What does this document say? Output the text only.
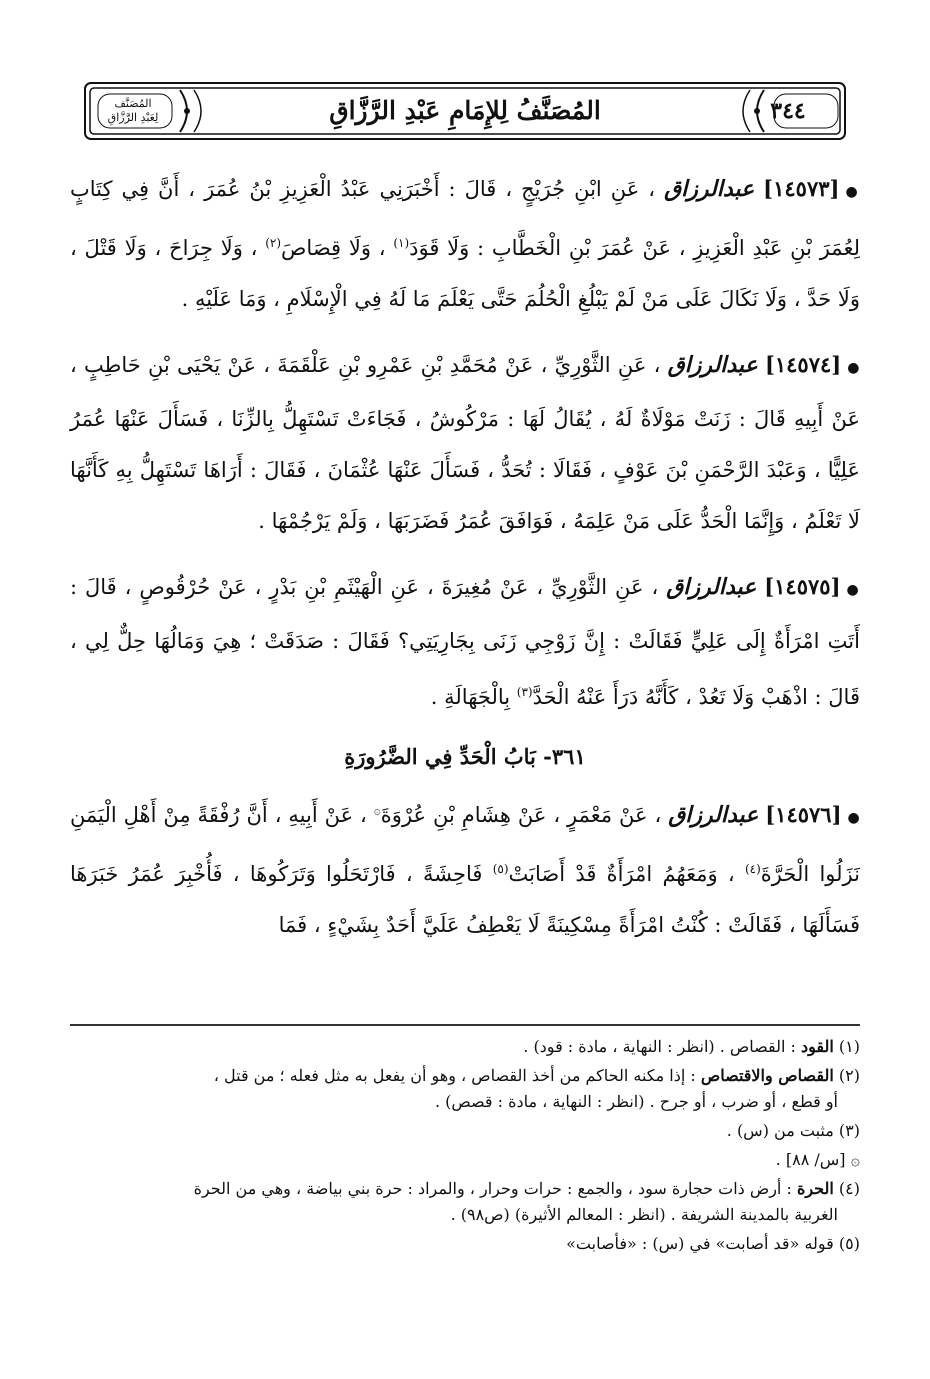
المُصَنَّف
لِعَبْدِ الرَّزَّاقِ	المُصَنَّفُ لِلإِمَامِ عَبْدِ الرَّزَّاقِ	٣٤٤

●[١٤٥٧٣] عبدالرزاق ، عَنِ ابْنِ جُرَيْجٍ ، قَالَ : أَخْبَرَنِي عَبْدُ الْعَزِيزِ بْنُ عُمَرَ ، أَنَّ فِي كِتَابٍ لِعُمَرَ بْنِ عَبْدِ الْعَزِيزِ ، عَنْ عُمَرَ بْنِ الْخَطَّابِ : وَلَا قَوَدَ$^{(١)}$ ، وَلَا قِصَاصَ$^{(٢)}$ ، وَلَا جِرَاحَ ، وَلَا قَتْلَ ، وَلَا حَدَّ ، وَلَا نَكَالَ عَلَى مَنْ لَمْ يَبْلُغِ الْحُلُمَ حَتَّى يَعْلَمَ مَا لَهُ فِي الْإِسْلَامِ ، وَمَا عَلَيْهِ .

●[١٤٥٧٤] عبدالرزاق ، عَنِ الثَّوْرِيِّ ، عَنْ مُحَمَّدِ بْنِ عَمْرِو بْنِ عَلْقَمَةَ ، عَنْ يَحْيَى بْنِ حَاطِبٍ ، عَنْ أَبِيهِ قَالَ : زَنَتْ مَوْلَاةٌ لَهُ ، يُقَالُ لَهَا : مَرْكُوشُ ، فَجَاءَتْ تَسْتَهِلُّ بِالزِّنَا ، فَسَأَلَ عَنْهَا عُمَرُ عَلِيًّا ، وَعَبْدَ الرَّحْمَنِ بْنَ عَوْفٍ ، فَقَالَا : تُحَدُّ ، فَسَأَلَ عَنْهَا عُثْمَانَ ، فَقَالَ : أَرَاهَا تَسْتَهِلُّ بِهِ كَأَنَّهَا لَا تَعْلَمُ ، وَإِنَّمَا الْحَدُّ عَلَى مَنْ عَلِمَهُ ، فَوَافَقَ عُمَرُ فَضَرَبَهَا ، وَلَمْ يَرْجُمْهَا .

●[١٤٥٧٥] عبدالرزاق ، عَنِ الثَّوْرِيِّ ، عَنْ مُغِيرَةَ ، عَنِ الْهَيْثَمِ بْنِ بَدْرٍ ، عَنْ حُرْقُوصٍ ، قَالَ : أَتَتِ امْرَأَةٌ إِلَى عَلِيٍّ فَقَالَتْ : إِنَّ زَوْجِي زَنَى بِجَارِيَتِي؟ فَقَالَ : صَدَقَتْ ؛ هِيَ وَمَالُهَا حِلٌّ لِي ، قَالَ : اذْهَبْ وَلَا تَعُدْ ، كَأَنَّهُ دَرَأَ عَنْهُ الْحَدَّ$^{(٣)}$ بِالْجَهَالَةِ .

٣٦١- بَابُ الْحَدِّ فِي الضَّرُورَةِ

●[١٤٥٧٦] عبدالرزاق ، عَنْ مَعْمَرٍ ، عَنْ هِشَامِ بْنِ عُرْوَةَ۞ ، عَنْ أَبِيهِ ، أَنَّ رُفْقَةً مِنْ أَهْلِ الْيَمَنِ نَزَلُوا الْحَرَّةَ$^{(٤)}$ ، وَمَعَهُمُ امْرَأَةٌ قَدْ أَصَابَتْ$^{(٥)}$ فَاحِشَةً ، فَارْتَحَلُوا وَتَرَكُوهَا ، فَأُخْبِرَ عُمَرُ خَبَرَهَا فَسَأَلَهَا ، فَقَالَتْ : كُنْتُ امْرَأَةً مِسْكِينَةً لَا يَعْطِفُ عَلَيَّ أَحَدٌ بِشَيْءٍ ، فَمَا

(١) القود : القصاص . (انظر : النهاية ، مادة : قود) .
(٢) القصاص والاقتصاص : إذا مكنه الحاكم من أخذ القصاص ، وهو أن يفعل به مثل فعله ؛ من قتل ،
أو قطع ، أو ضرب ، أو جرح . (انظر : النهاية ، مادة : قصص) .
(٣) مثبت من (س) .
۞ [س/ ٨٨] .
(٤) الحرة : أرض ذات حجارة سود ، والجمع : حرات وحرار ، والمراد : حرة بني بياضة ، وهي من الحرة
الغربية بالمدينة الشريفة . (انظر : المعالم الأثيرة) (ص٩٨) .
(٥) قوله «قد أصابت» في (س) : «فأصابت»
